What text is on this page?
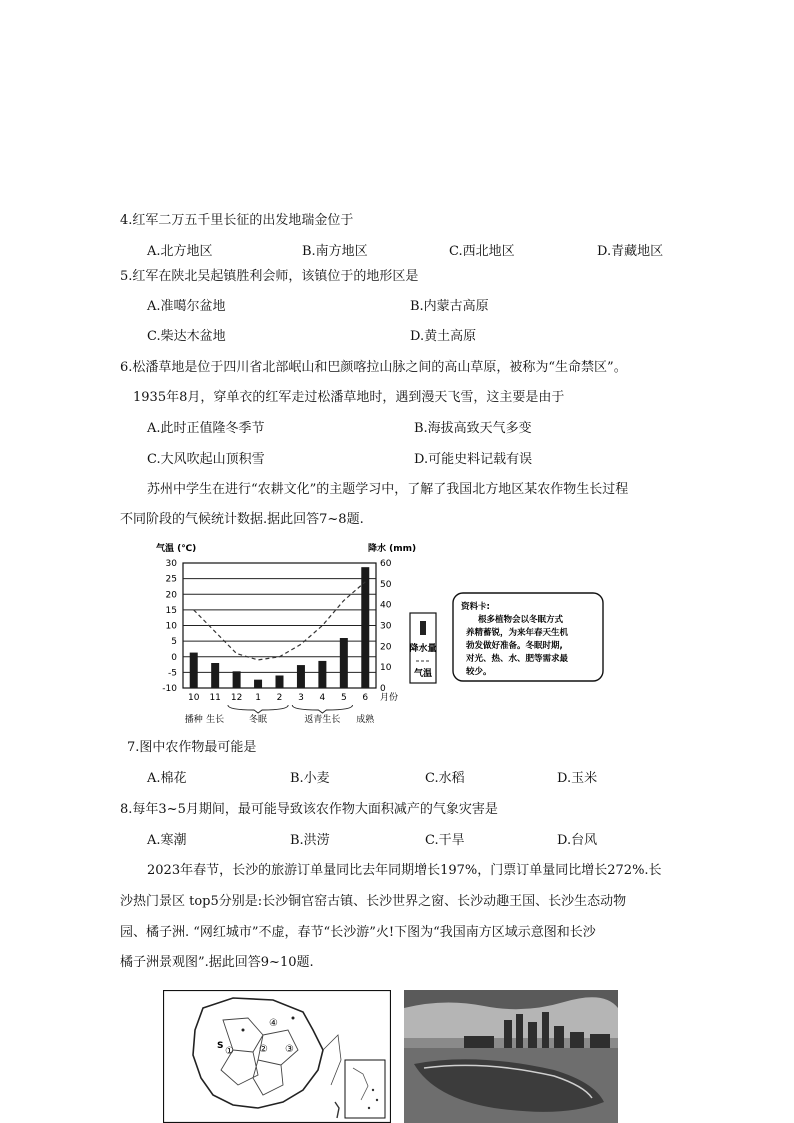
4.红军二万五千里长征的出发地瑞金位于
A.北方地区	B.南方地区	C.西北地区	D.青藏地区
5.红军在陕北吴起镇胜利会师，该镇位于的地形区是
A.准噶尔盆地	B.内蒙古高原
C.柴达木盆地	D.黄土高原
6.松潘草地是位于四川省北部岷山和巴颜喀拉山脉之间的高山草原，被称为“生命禁区”。
1935年8月，穿单衣的红军走过松潘草地时，遇到漫天飞雪，这主要是由于
A.此时正值隆冬季节	B.海拔高致天气多变
C.大风吹起山顶积雪	D.可能史料记载有误
苏州中学生在进行“农耕文化”的主题学习中，了解了我国北方地区某农作物生长过程
不同阶段的气候统计数据.据此回答7~8题.
气温 (℃)	降水 (mm)
30
25
20
15
10
5
0
-5
-10
60
50
40
30
20
10
0
10 11 12 1 2 3 4 5 6 月份
播种 生长	冬眠	返青生长 成熟
降水量
气温
资料卡:
根多植物会以冬眠方式
养精蓄锐，为来年春天生机
勃发做好准备。冬眠时期,
对光、热、水、肥等需求最
较少。
7.图中农作物最可能是
A.棉花	B.小麦	C.水稻	D.玉米
8.每年3~5月期间，最可能导致该农作物大面积减产的气象灾害是
A.寒潮	B.洪涝	C.干旱	D.台风
2023年春节，长沙的旅游订单量同比去年同期增长197%，门票订单量同比增长272%.长
沙热门景区 top5分别是:长沙铜官窑古镇、长沙世界之窗、长沙动趣王国、长沙生态动物
园、橘子洲. “网红城市”不虚，春节“长沙游”火!下图为“我国南方区域示意图和长沙
橘子洲景观图”.据此回答9~10题.
①	② ③
④
S
